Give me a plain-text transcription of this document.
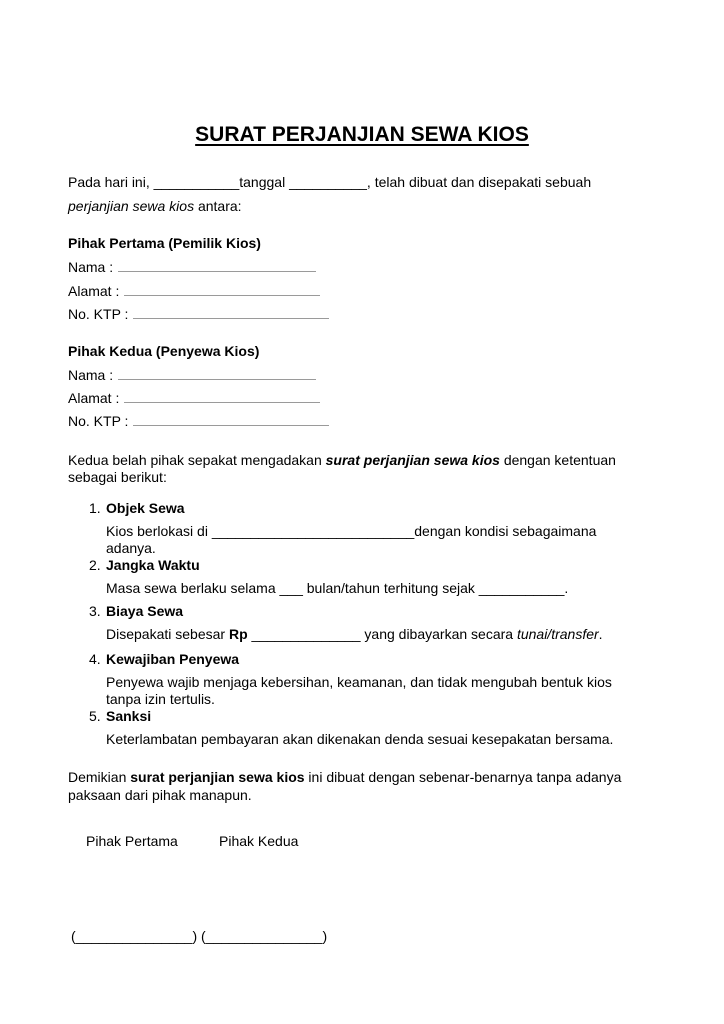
SURAT PERJANJIAN SEWA KIOS
Pada hari ini, ___________tanggal __________, telah dibuat dan disepakati sebuah
perjanjian sewa kios antara:
Pihak Pertama (Pemilik Kios)
Nama :
Alamat :
No. KTP :
Pihak Kedua (Penyewa Kios)
Nama :
Alamat :
No. KTP :
Kedua belah pihak sepakat mengadakan surat perjanjian sewa kios dengan ketentuan
sebagai berikut:
1. Objek Sewa
Kios berlokasi di __________________________dengan kondisi sebagaimana
adanya.
2. Jangka Waktu
Masa sewa berlaku selama ___ bulan/tahun terhitung sejak ___________.
3. Biaya Sewa
Disepakati sebesar Rp ______________ yang dibayarkan secara tunai/transfer.
4. Kewajiban Penyewa
Penyewa wajib menjaga kebersihan, keamanan, dan tidak mengubah bentuk kios
tanpa izin tertulis.
5. Sanksi
Keterlambatan pembayaran akan dikenakan denda sesuai kesepakatan bersama.
Demikian surat perjanjian sewa kios ini dibuat dengan sebenar-benarnya tanpa adanya
paksaan dari pihak manapun.
Pihak Pertama	Pihak Kedua
(_______________) (_______________)
